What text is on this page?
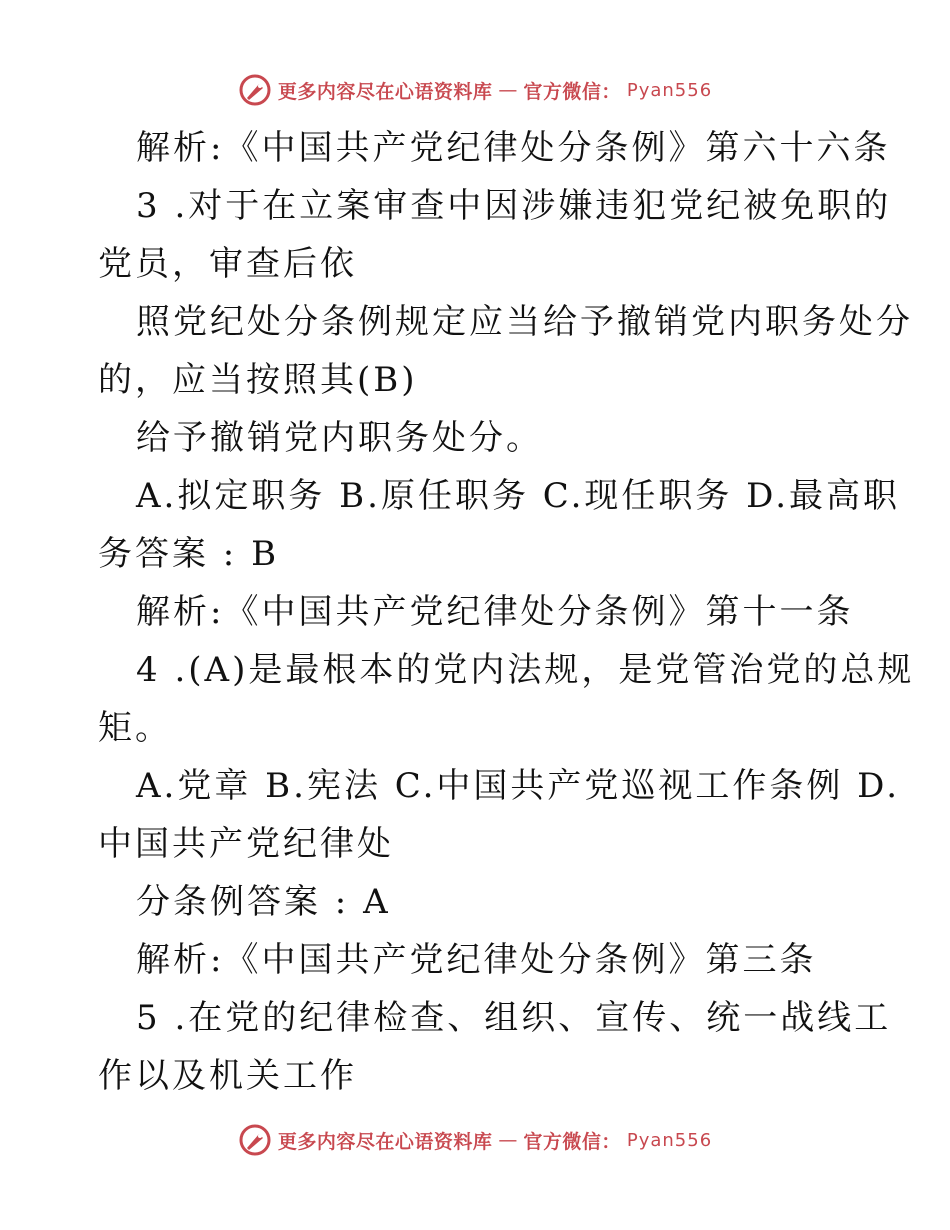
更多内容尽在心语资料库 — 官方微信： Pyan556
解析:《中国共产党纪律处分条例》第六十六条
3 .对于在立案审查中因涉嫌违犯党纪被免职的
党员，审查后依
照党纪处分条例规定应当给予撤销党内职务处分
的，应当按照其(B)
给予撤销党内职务处分。
A.拟定职务 B.原任职务 C.现任职务 D.最高职
务答案 : B
解析:《中国共产党纪律处分条例》第十一条
4 .(A)是最根本的党内法规，是党管治党的总规
矩。
A.党章 B.宪法 C.中国共产党巡视工作条例 D.
中国共产党纪律处
分条例答案 : A
解析:《中国共产党纪律处分条例》第三条
5 .在党的纪律检查、组织、宣传、统一战线工
作以及机关工作
更多内容尽在心语资料库 — 官方微信： Pyan556
